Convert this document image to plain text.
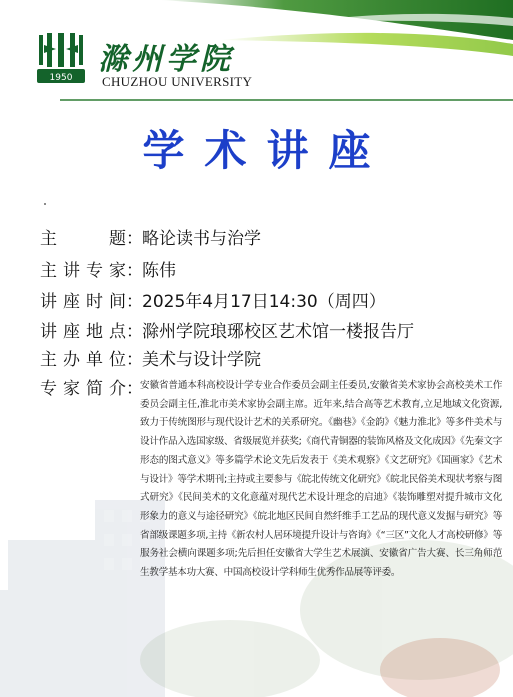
1950
滁州学院
CHUZHOU UNIVERSITY
学术讲座
主 题：略论读书与治学
主讲专家：陈伟
讲座时间：2025年4月17日14:30（周四）
讲座地点：滁州学院琅琊校区艺术馆一楼报告厅
主办单位：美术与设计学院
专家简介：
安徽省普通本科高校设计学专业合作委员会副主任委员,安徽省美术家协会高校美术工作委员会副主任,淮北市美术家协会副主席。近年来,结合高等艺术教育,立足地域文化资源,致力于传统图形与现代设计艺术的关系研究。《幽巷》《金韵》《魅力淮北》等多件美术与设计作品入选国家级、省级展览并获奖;《商代青铜器的装饰风格及文化成因》《先秦文字形态的图式意义》等多篇学术论文先后发表于《美术观察》《文艺研究》《国画家》《艺术与设计》等学术期刊;主持或主要参与《皖北传统文化研究》《皖北民俗美术现状考察与图式研究》《民间美术的文化意蕴对现代艺术设计理念的启迪》《装饰雕塑对提升城市文化形象力的意义与途径研究》《皖北地区民间自然纤维手工艺品的现代意义发掘与研究》等省部级课题多项,主持《新农村人居环境提升设计与咨询》《“三区”文化人才高校研修》等服务社会横向课题多项;先后担任安徽省大学生艺术展演、安徽省广告大赛、长三角师范生教学基本功大赛、中国高校设计学科师生优秀作品展等评委。
